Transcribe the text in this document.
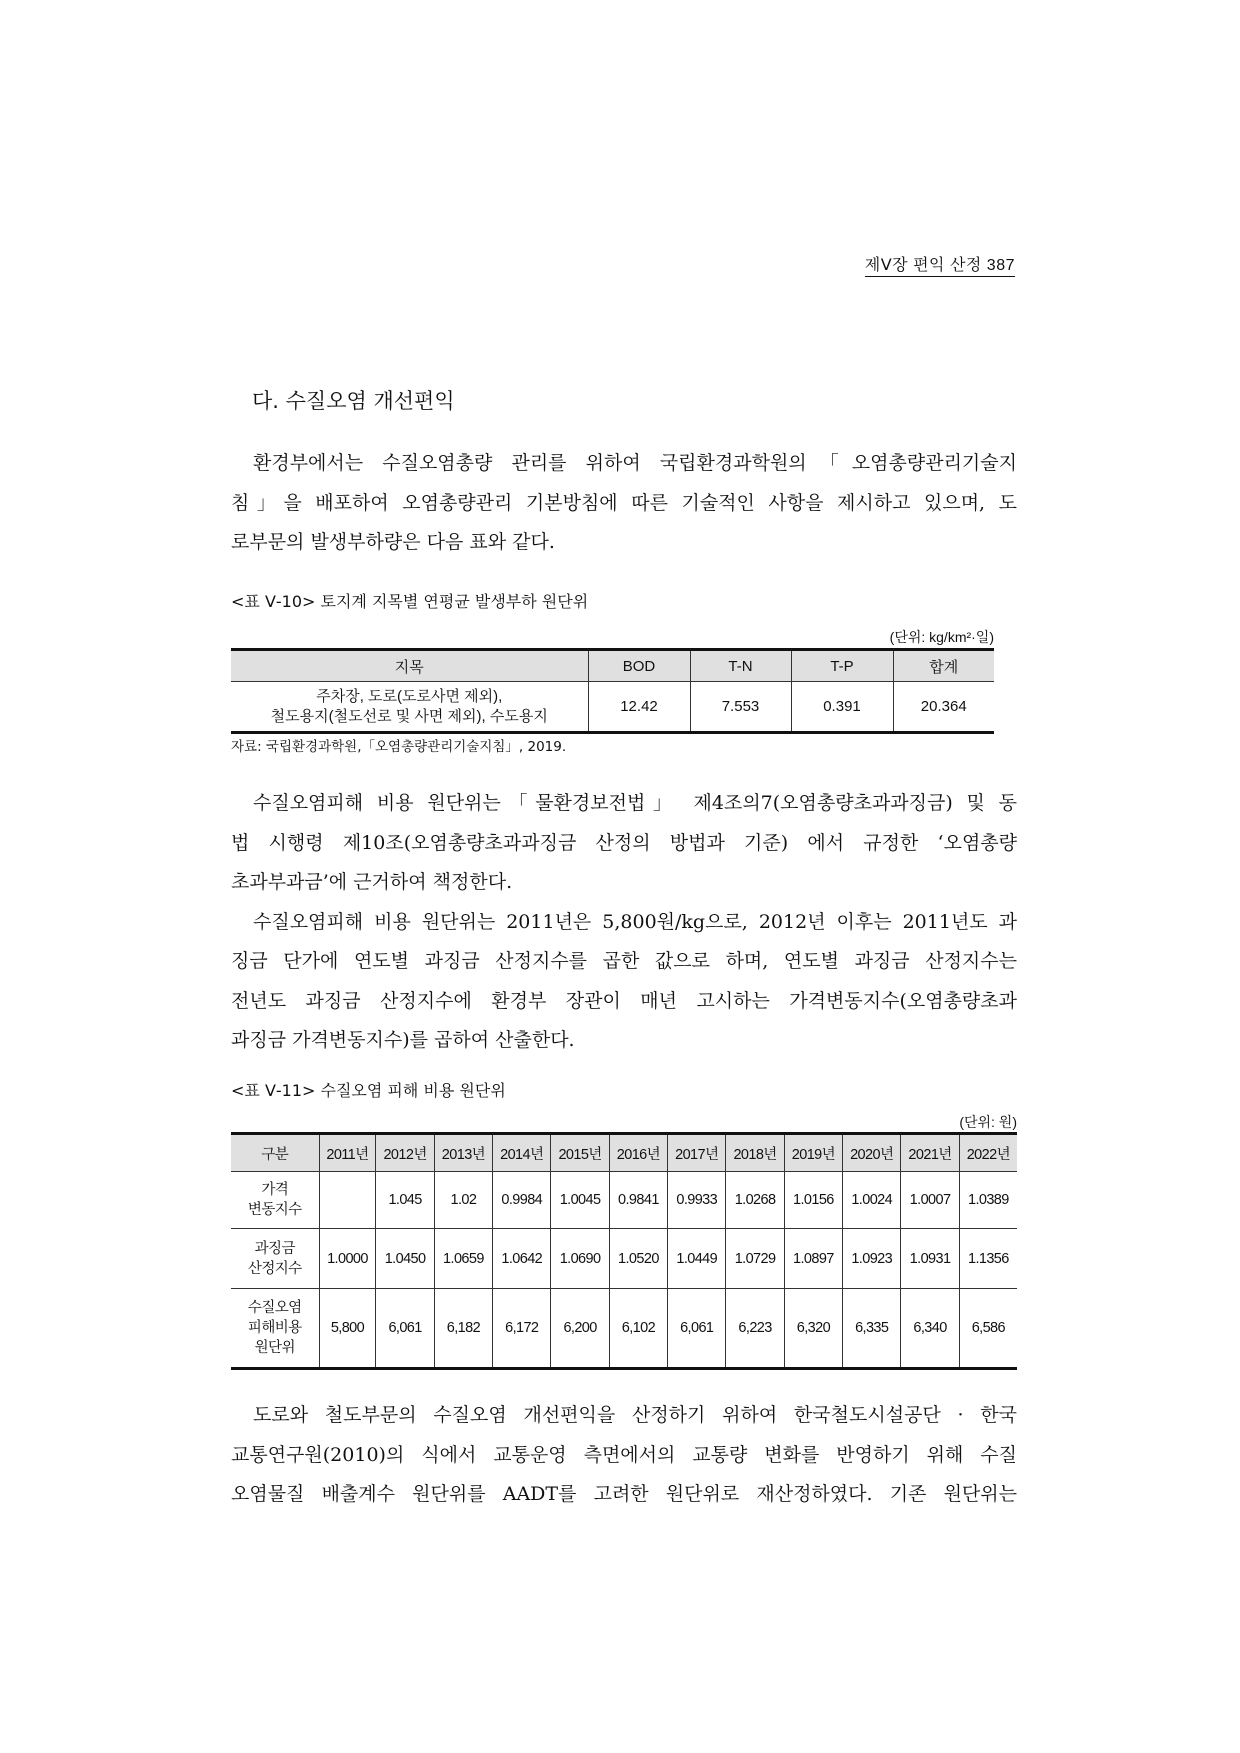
제Ⅴ장 편익 산정 387
다. 수질오염 개선편익
환경부에서는 수질오염총량 관리를 위하여 국립환경과학원의「오염총량관리기술지
침」을 배포하여 오염총량관리 기본방침에 따른 기술적인 사항을 제시하고 있으며, 도
로부문의 발생부하량은 다음 표와 같다.
<표 Ⅴ-10> 토지계 지목별 연평균 발생부하 원단위
(단위: kg/km²·일)
지목	BOD	T-N	T-P	합계

주차장, 도로(도로사면 제외),
철도용지(철도선로 및 사면 제외), 수도용지	12.42	7.553	0.391	20.364
자료: 국립환경과학원,「오염총량관리기술지침」, 2019.
수질오염피해 비용 원단위는「물환경보전법」 제4조의7(오염총량초과과징금) 및 동
법 시행령 제10조(오염총량초과과징금 산정의 방법과 기준) 에서 규정한 ‘오염총량
초과부과금’에 근거하여 책정한다.
수질오염피해 비용 원단위는 2011년은 5,800원/kg으로, 2012년 이후는 2011년도 과
징금 단가에 연도별 과징금 산정지수를 곱한 값으로 하며, 연도별 과징금 산정지수는
전년도 과징금 산정지수에 환경부 장관이 매년 고시하는 가격변동지수(오염총량초과
과징금 가격변동지수)를 곱하여 산출한다.
<표 Ⅴ-11> 수질오염 피해 비용 원단위
(단위: 원)
구분	2011년	2012년	2013년	2014년	2015년	2016년	2017년	2018년	2019년	2020년	2021년	2022년

가격
변동지수		1.045	1.02	0.9984	1.0045	0.9841	0.9933	1.0268	1.0156	1.0024	1.0007	1.0389

과징금
산정지수	1.0000	1.0450	1.0659	1.0642	1.0690	1.0520	1.0449	1.0729	1.0897	1.0923	1.0931	1.1356

수질오염
피해비용
원단위	5,800	6,061	6,182	6,172	6,200	6,102	6,061	6,223	6,320	6,335	6,340	6,586
도로와 철도부문의 수질오염 개선편익을 산정하기 위하여 한국철도시설공단 · 한국
교통연구원(2010)의 식에서 교통운영 측면에서의 교통량 변화를 반영하기 위해 수질
오염물질 배출계수 원단위를 AADT를 고려한 원단위로 재산정하였다. 기존 원단위는
